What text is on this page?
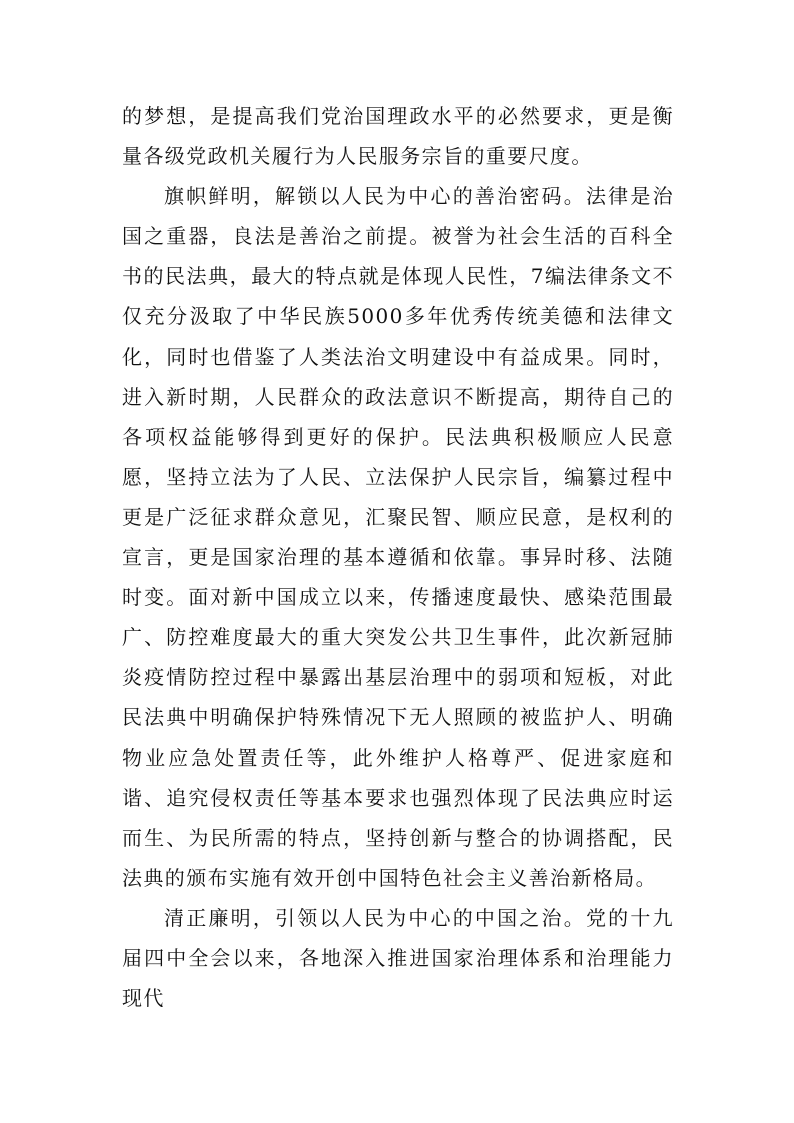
的梦想，是提高我们党治国理政水平的必然要求，更是衡量各级党政机关履行为人民服务宗旨的重要尺度。

旗帜鲜明，解锁以人民为中心的善治密码。法律是治国之重器，良法是善治之前提。被誉为社会生活的百科全书的民法典，最大的特点就是体现人民性，7编法律条文不仅充分汲取了中华民族5000多年优秀传统美德和法律文化，同时也借鉴了人类法治文明建设中有益成果。同时，进入新时期，人民群众的政法意识不断提高，期待自己的各项权益能够得到更好的保护。民法典积极顺应人民意愿，坚持立法为了人民、立法保护人民宗旨，编纂过程中更是广泛征求群众意见，汇聚民智、顺应民意，是权利的宣言，更是国家治理的基本遵循和依靠。事异时移、法随时变。面对新中国成立以来，传播速度最快、感染范围最广、防控难度最大的重大突发公共卫生事件，此次新冠肺炎疫情防控过程中暴露出基层治理中的弱项和短板，对此民法典中明确保护特殊情况下无人照顾的被监护人、明确物业应急处置责任等，此外维护人格尊严、促进家庭和谐、追究侵权责任等基本要求也强烈体现了民法典应时运而生、为民所需的特点，坚持创新与整合的协调搭配，民法典的颁布实施有效开创中国特色社会主义善治新格局。

清正廉明，引领以人民为中心的中国之治。党的十九届四中全会以来，各地深入推进国家治理体系和治理能力现代
